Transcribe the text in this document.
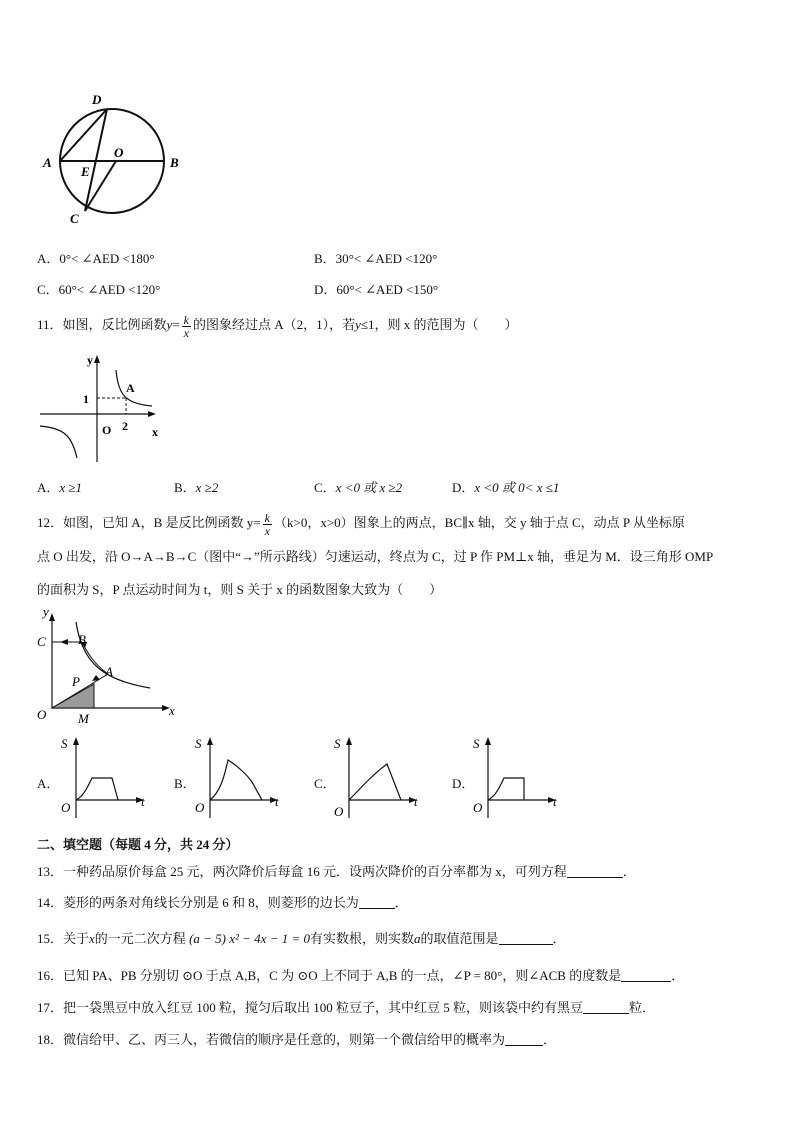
D
A
E
O
B
C
A．0°< ∠AED <180°	B．30°< ∠AED <120°
C．60°< ∠AED <120°	D．60°< ∠AED <150°
11．如图，反比例函数$y= \frac{k}{x}$ 的图象经过点 A（2，1），若y≤1，则 x 的范围为（　　）
y
A
1
O 2 x
A．x ≥1	B．x ≥2	C．x <0 或 x ≥2	D．x <0 或 0< x ≤1
12．如图，已知 A，B 是反比例函数 $y= \frac{k}{x} (k>0$，x>0）图象上的两点，BC∥x 轴，交 y 轴于点 C，动点 P 从坐标原
点 O 出发，沿 O→A→B→C（图中“→”所示路线）匀速运动，终点为 C，过 P 作 PM⊥x 轴，垂足为 M．设三角形 OMP
的面积为 S，P 点运动时间为 t，则 S 关于 x 的函数图象大致为（　　）
y
C B
A
P
O M
x
A．
S
O	t
B．
S
O	t
C．
S
O
t
D．
S
O	t
二、填空题（每题 4 分，共 24 分）
13．一种药品原价每盒 25 元，两次降价后每盒 16 元．设两次降价的百分率都为 x，可列方程	．
14．菱形的两条对角线长分别是 6 和 8，则菱形的边长为	．
15．关于x的一元二次方程 (a − 5) x² − 4x − 1 = 0有实数根，则实数a的取值范围是	．
16．已知 PA、PB 分别切 ⊙O 于点 A,B，C 为 ⊙O 上不同于 A,B 的一点，∠P = 80°，则∠ACB 的度数是	．
17．把一袋黑豆中放入红豆 100 粒，搅匀后取出 100 粒豆子，其中红豆 5 粒，则该袋中约有黑豆	粒．
18．微信给甲、乙、丙三人，若微信的顺序是任意的，则第一个微信给甲的概率为	．
